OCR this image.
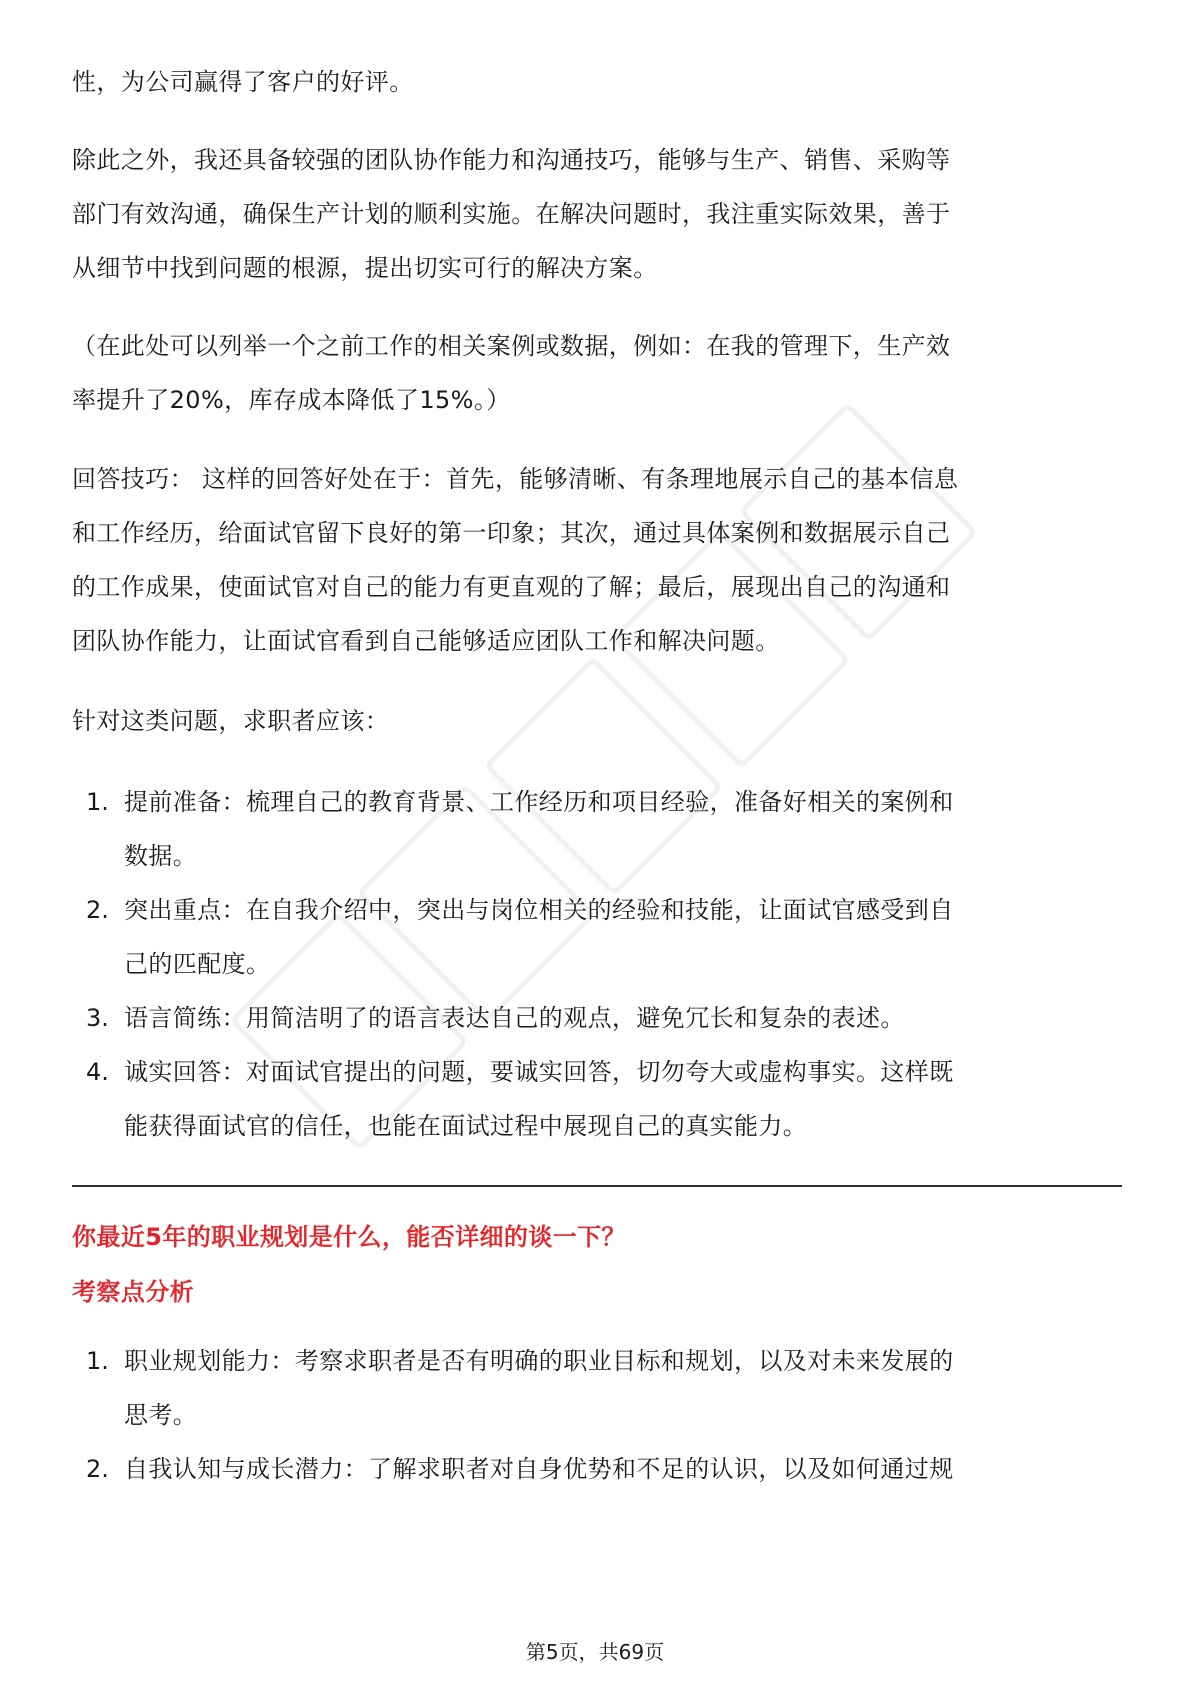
性，为公司赢得了客户的好评。
除此之外，我还具备较强的团队协作能力和沟通技巧，能够与生产、销售、采购等
部门有效沟通，确保生产计划的顺利实施。在解决问题时，我注重实际效果，善于
从细节中找到问题的根源，提出切实可行的解决方案。
（在此处可以列举一个之前工作的相关案例或数据，例如：在我的管理下，生产效
率提升了20%，库存成本降低了15%。）
回答技巧： 这样的回答好处在于：首先，能够清晰、有条理地展示自己的基本信息
和工作经历，给面试官留下良好的第一印象；其次，通过具体案例和数据展示自己
的工作成果，使面试官对自己的能力有更直观的了解；最后，展现出自己的沟通和
团队协作能力，让面试官看到自己能够适应团队工作和解决问题。
针对这类问题，求职者应该：
1. 提前准备：梳理自己的教育背景、工作经历和项目经验，准备好相关的案例和
数据。
2. 突出重点：在自我介绍中，突出与岗位相关的经验和技能，让面试官感受到自
己的匹配度。
3. 语言简练：用简洁明了的语言表达自己的观点，避免冗长和复杂的表述。
4. 诚实回答：对面试官提出的问题，要诚实回答，切勿夸大或虚构事实。这样既
能获得面试官的信任，也能在面试过程中展现自己的真实能力。
你最近5年的职业规划是什么，能否详细的谈一下？
考察点分析
1. 职业规划能力：考察求职者是否有明确的职业目标和规划，以及对未来发展的
思考。
2. 自我认知与成长潜力：了解求职者对自身优势和不足的认识，以及如何通过规
第5页，共69页
